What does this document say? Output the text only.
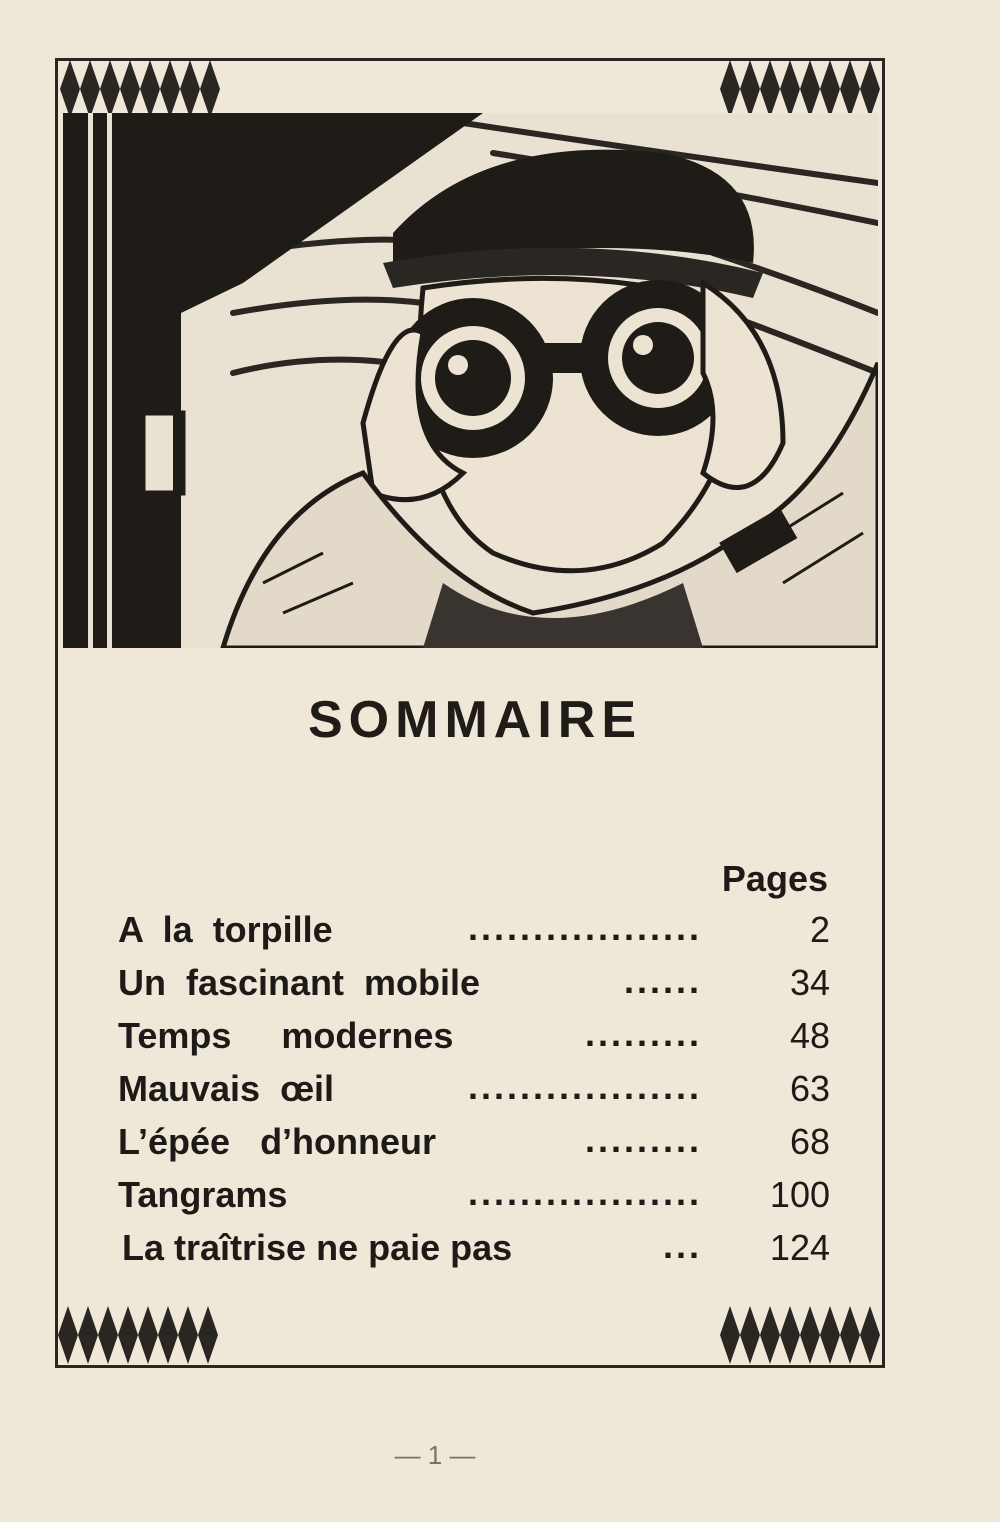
SOMMAIRE
Pages
A la torpille	..................	2
Un fascinant mobile	...... 34
Temps modernes	......... 48
Mauvais œil	.................. 63
L’épée d’honneur	......... 68
Tangrams	.................. 100
La traîtrise ne paie pas	... 124
— 1 —
